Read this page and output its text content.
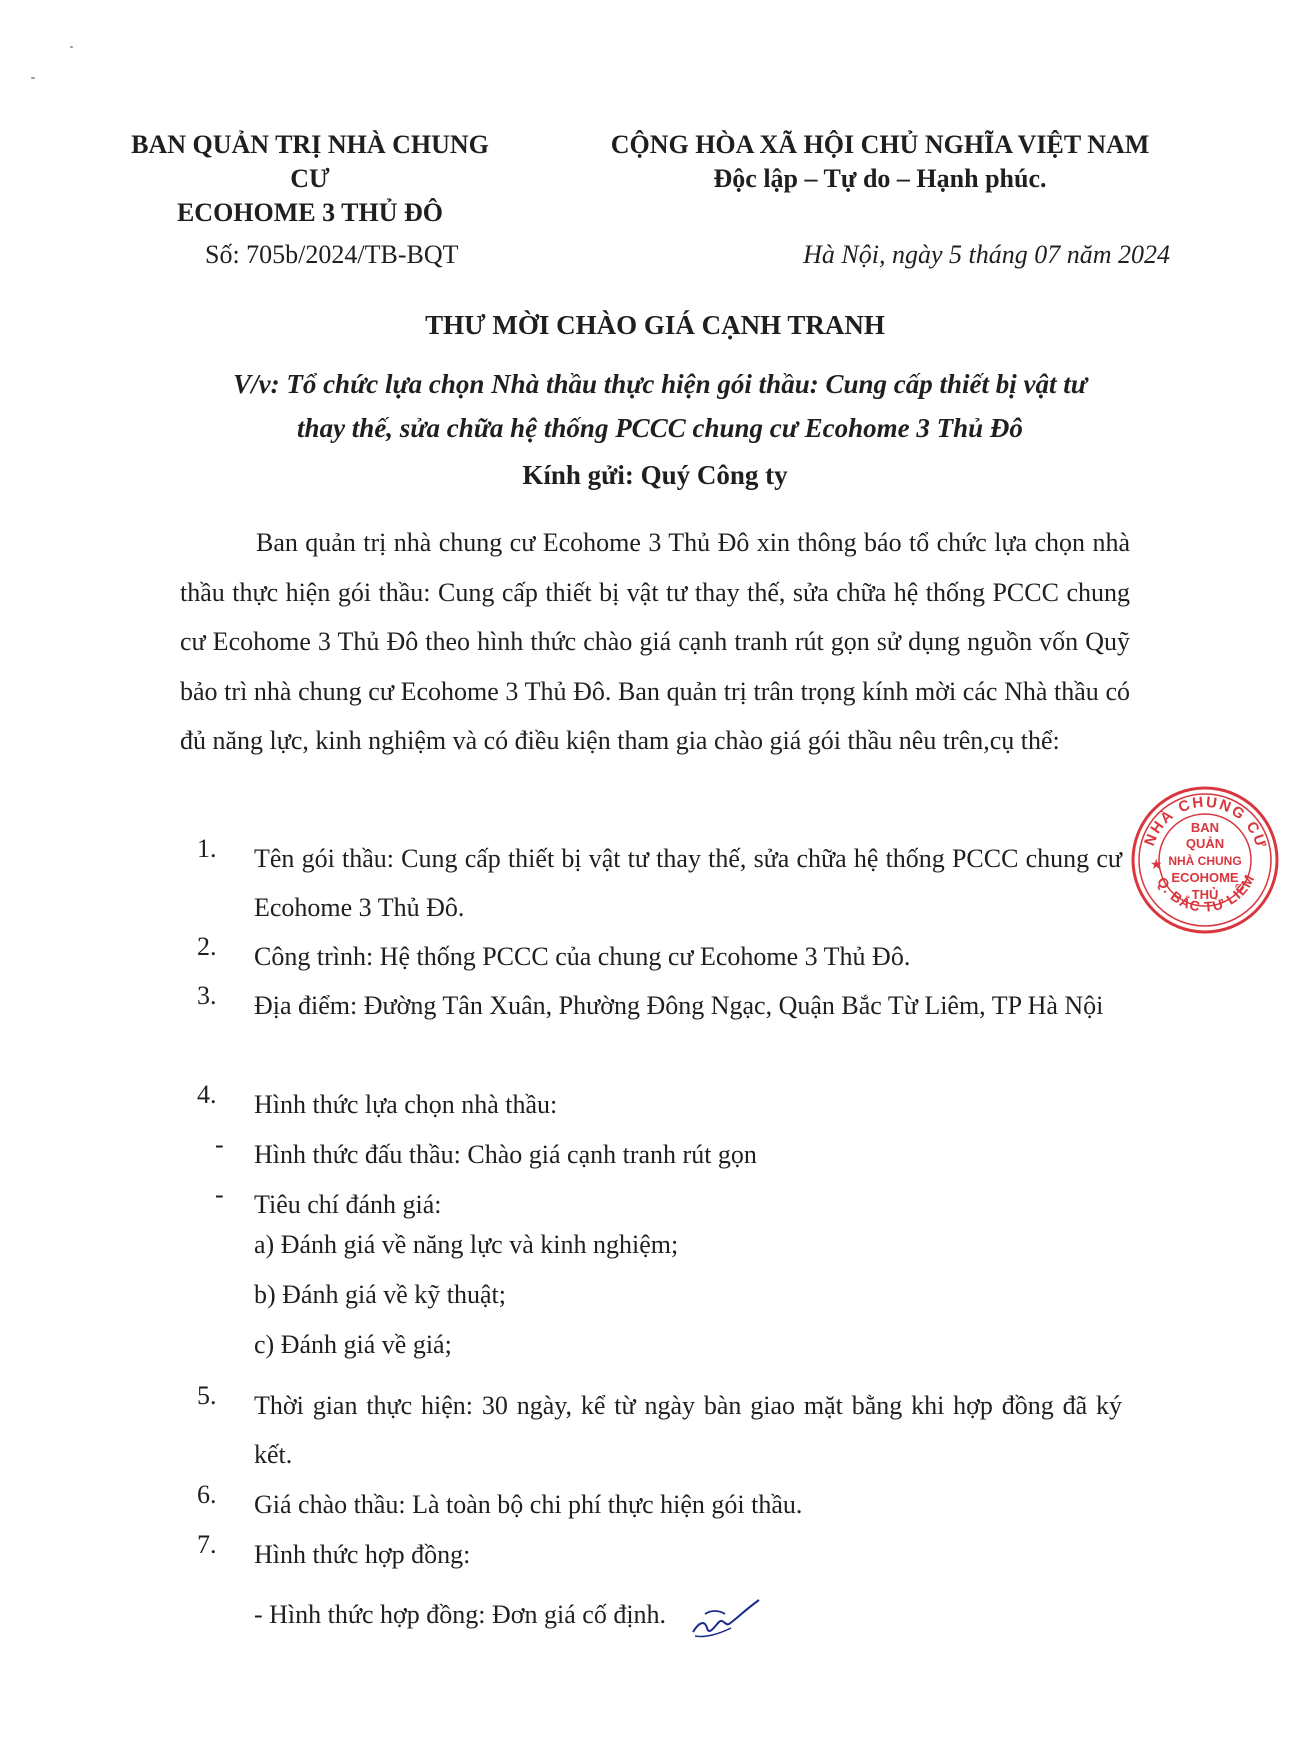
BAN QUẢN TRỊ NHÀ CHUNG CƯ
ECOHOME 3 THỦ ĐÔ
CỘNG HÒA XÃ HỘI CHỦ NGHĨA VIỆT NAM
Độc lập – Tự do – Hạnh phúc.
Số: 705b/2024/TB-BQT	Hà Nội, ngày 5 tháng 07 năm 2024
THƯ MỜI CHÀO GIÁ CẠNH TRANH
V/v: Tổ chức lựa chọn Nhà thầu thực hiện gói thầu: Cung cấp thiết bị vật tư
thay thế, sửa chữa hệ thống PCCC chung cư Ecohome 3 Thủ Đô
Kính gửi: Quý Công ty
Ban quản trị nhà chung cư Ecohome 3 Thủ Đô xin thông báo tổ chức lựa chọn nhà thầu thực hiện gói thầu: Cung cấp thiết bị vật tư thay thế, sửa chữa hệ thống PCCC chung cư Ecohome 3 Thủ Đô theo hình thức chào giá cạnh tranh rút gọn sử dụng nguồn vốn Quỹ bảo trì nhà chung cư Ecohome 3 Thủ Đô. Ban quản trị trân trọng kính mời các Nhà thầu có đủ năng lực, kinh nghiệm và có điều kiện tham gia chào giá gói thầu nêu trên,cụ thể:
1. Tên gói thầu: Cung cấp thiết bị vật tư thay thế, sửa chữa hệ thống PCCC chung cư Ecohome 3 Thủ Đô.
2. Công trình: Hệ thống PCCC của chung cư Ecohome 3 Thủ Đô.
3. Địa điểm: Đường Tân Xuân, Phường Đông Ngạc, Quận Bắc Từ Liêm, TP Hà Nội
4. Hình thức lựa chọn nhà thầu:
- Hình thức đấu thầu: Chào giá cạnh tranh rút gọn
- Tiêu chí đánh giá:
a) Đánh giá về năng lực và kinh nghiệm;
b) Đánh giá về kỹ thuật;
c) Đánh giá về giá;
5. Thời gian thực hiện: 30 ngày, kể từ ngày bàn giao mặt bằng khi hợp đồng đã ký kết.
6. Giá chào thầu: Là toàn bộ chi phí thực hiện gói thầu.
7. Hình thức hợp đồng:
- Hình thức hợp đồng: Đơn giá cố định.
NHÀ CHUNG CƯ
Q. BẮC TỪ LIÊM
BAN
QUẢN
NHÀ CHUNG
ECOHOME
THỦ
★
